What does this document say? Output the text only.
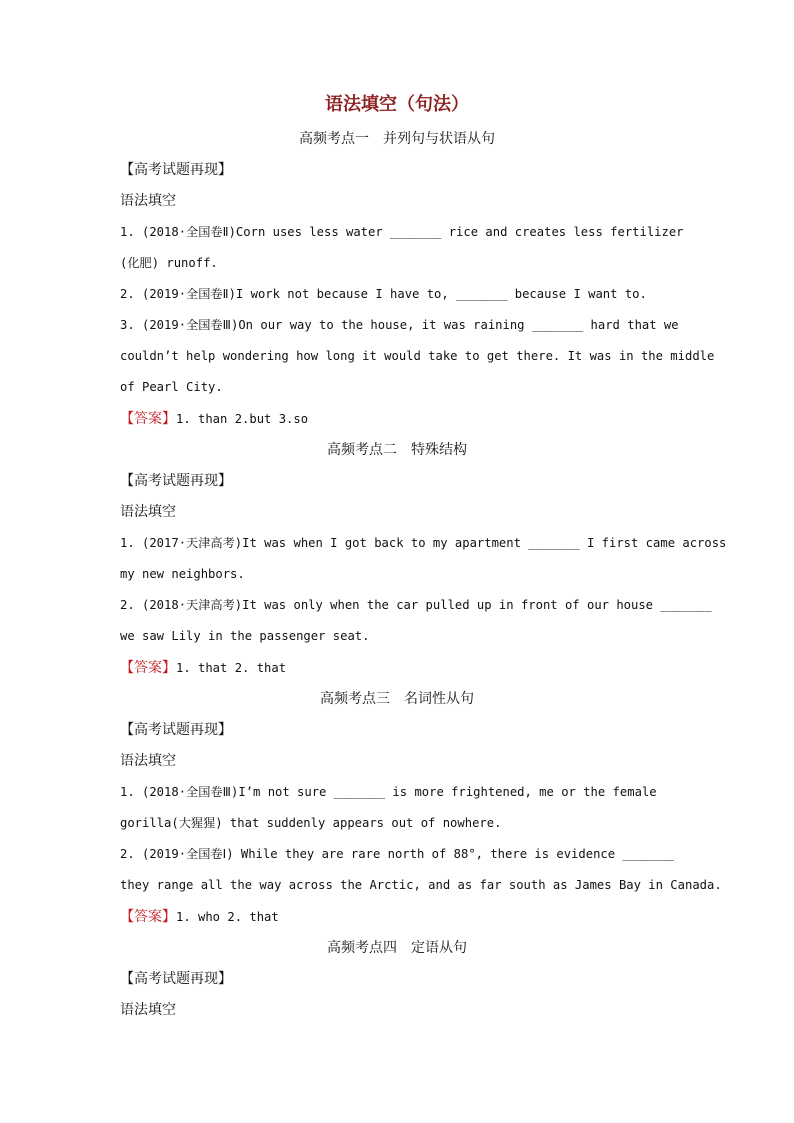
语法填空（句法）
高频考点一　并列句与状语从句
【高考试题再现】
语法填空
1. (2018·全国卷Ⅱ)Corn uses less water _______ rice and creates less fertilizer
(化肥) runoff.
2. (2019·全国卷Ⅱ)I work not because I have to, _______ because I want to.
3. (2019·全国卷Ⅲ)On our way to the house, it was raining _______ hard that we
couldn’t help wondering how long it would take to get there. It was in the middle
of Pearl City.
【答案】1. than 2.but 3.so
高频考点二　特殊结构
【高考试题再现】
语法填空
1. (2017·天津高考)It was when I got back to my apartment _______ I first came across
my new neighbors.
2. (2018·天津高考)It was only when the car pulled up in front of our house _______
we saw Lily in the passenger seat.
【答案】1. that 2. that
高频考点三　名词性从句
【高考试题再现】
语法填空
1. (2018·全国卷Ⅲ)I’m not sure _______ is more frightened, me or the female
gorilla(大猩猩) that suddenly appears out of nowhere.
2. (2019·全国卷Ⅰ) While they are rare north of 88°, there is evidence _______
they range all the way across the Arctic, and as far south as James Bay in Canada.
【答案】1. who 2. that
高频考点四　定语从句
【高考试题再现】
语法填空
